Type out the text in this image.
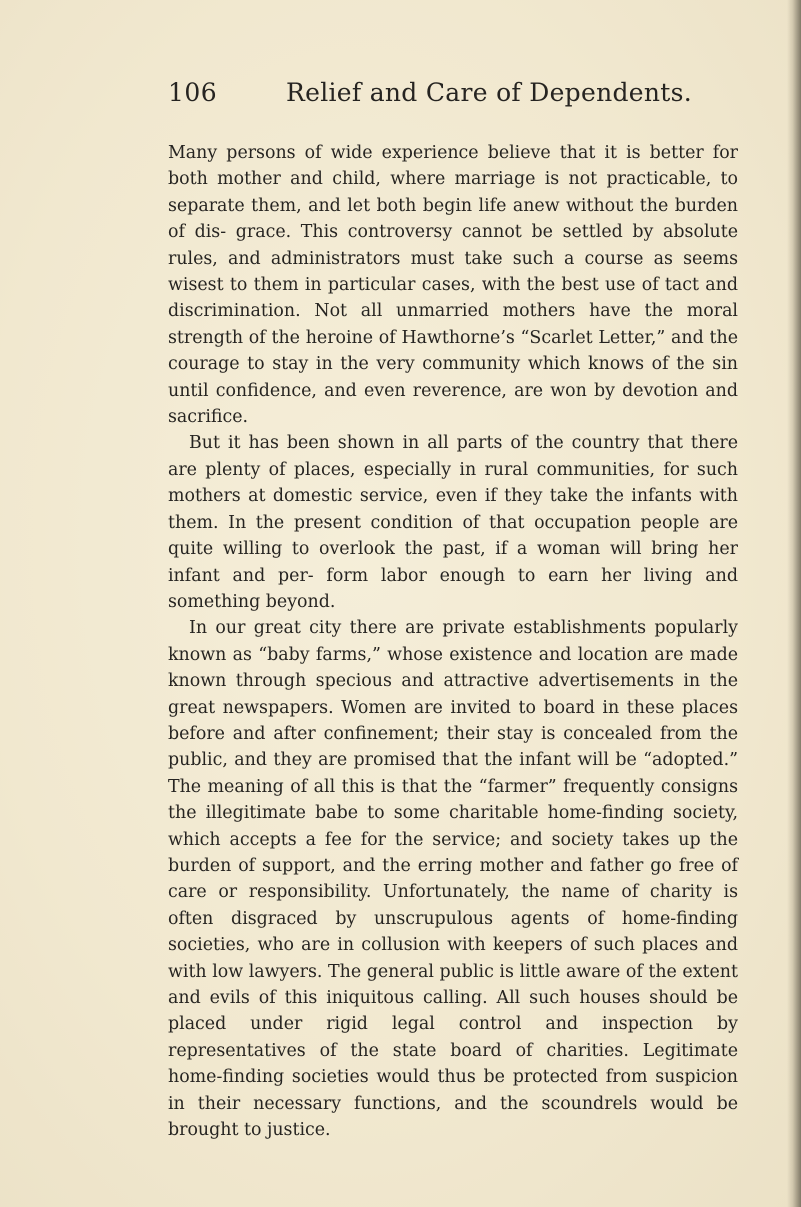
106	Relief and Care of Dependents.

Many persons of wide experience believe that it is better for both mother and child, where marriage is not practicable, to separate them, and let both begin life anew without the burden of dis- grace. This controversy cannot be settled by absolute rules, and administrators must take such a course as seems wisest to them in particular cases, with the best use of tact and discrimination. Not all unmarried mothers have the moral strength of the heroine of Hawthorne’s “Scarlet Letter,” and the courage to stay in the very community which knows of the sin until confidence, and even reverence, are won by devotion and sacrifice.

But it has been shown in all parts of the country that there are plenty of places, especially in rural communities, for such mothers at domestic service, even if they take the infants with them. In the present condition of that occupation people are quite willing to overlook the past, if a woman will bring her infant and per- form labor enough to earn her living and something beyond.

In our great city there are private establishments popularly known as “baby farms,” whose existence and location are made known through specious and attractive advertisements in the great newspapers. Women are invited to board in these places before and after confinement; their stay is concealed from the public, and they are promised that the infant will be “adopted.” The meaning of all this is that the “farmer” frequently consigns the illegitimate babe to some charitable home-finding society, which accepts a fee for the service; and society takes up the burden of support, and the erring mother and father go free of care or responsibility. Unfortunately, the name of charity is often disgraced by unscrupulous agents of home-finding societies, who are in collusion with keepers of such places and with low lawyers. The general public is little aware of the extent and evils of this iniquitous calling. All such houses should be placed under rigid legal control and inspection by representatives of the state board of charities. Legitimate home-finding societies would thus be protected from suspicion in their necessary functions, and the scoundrels would be brought to justice.
